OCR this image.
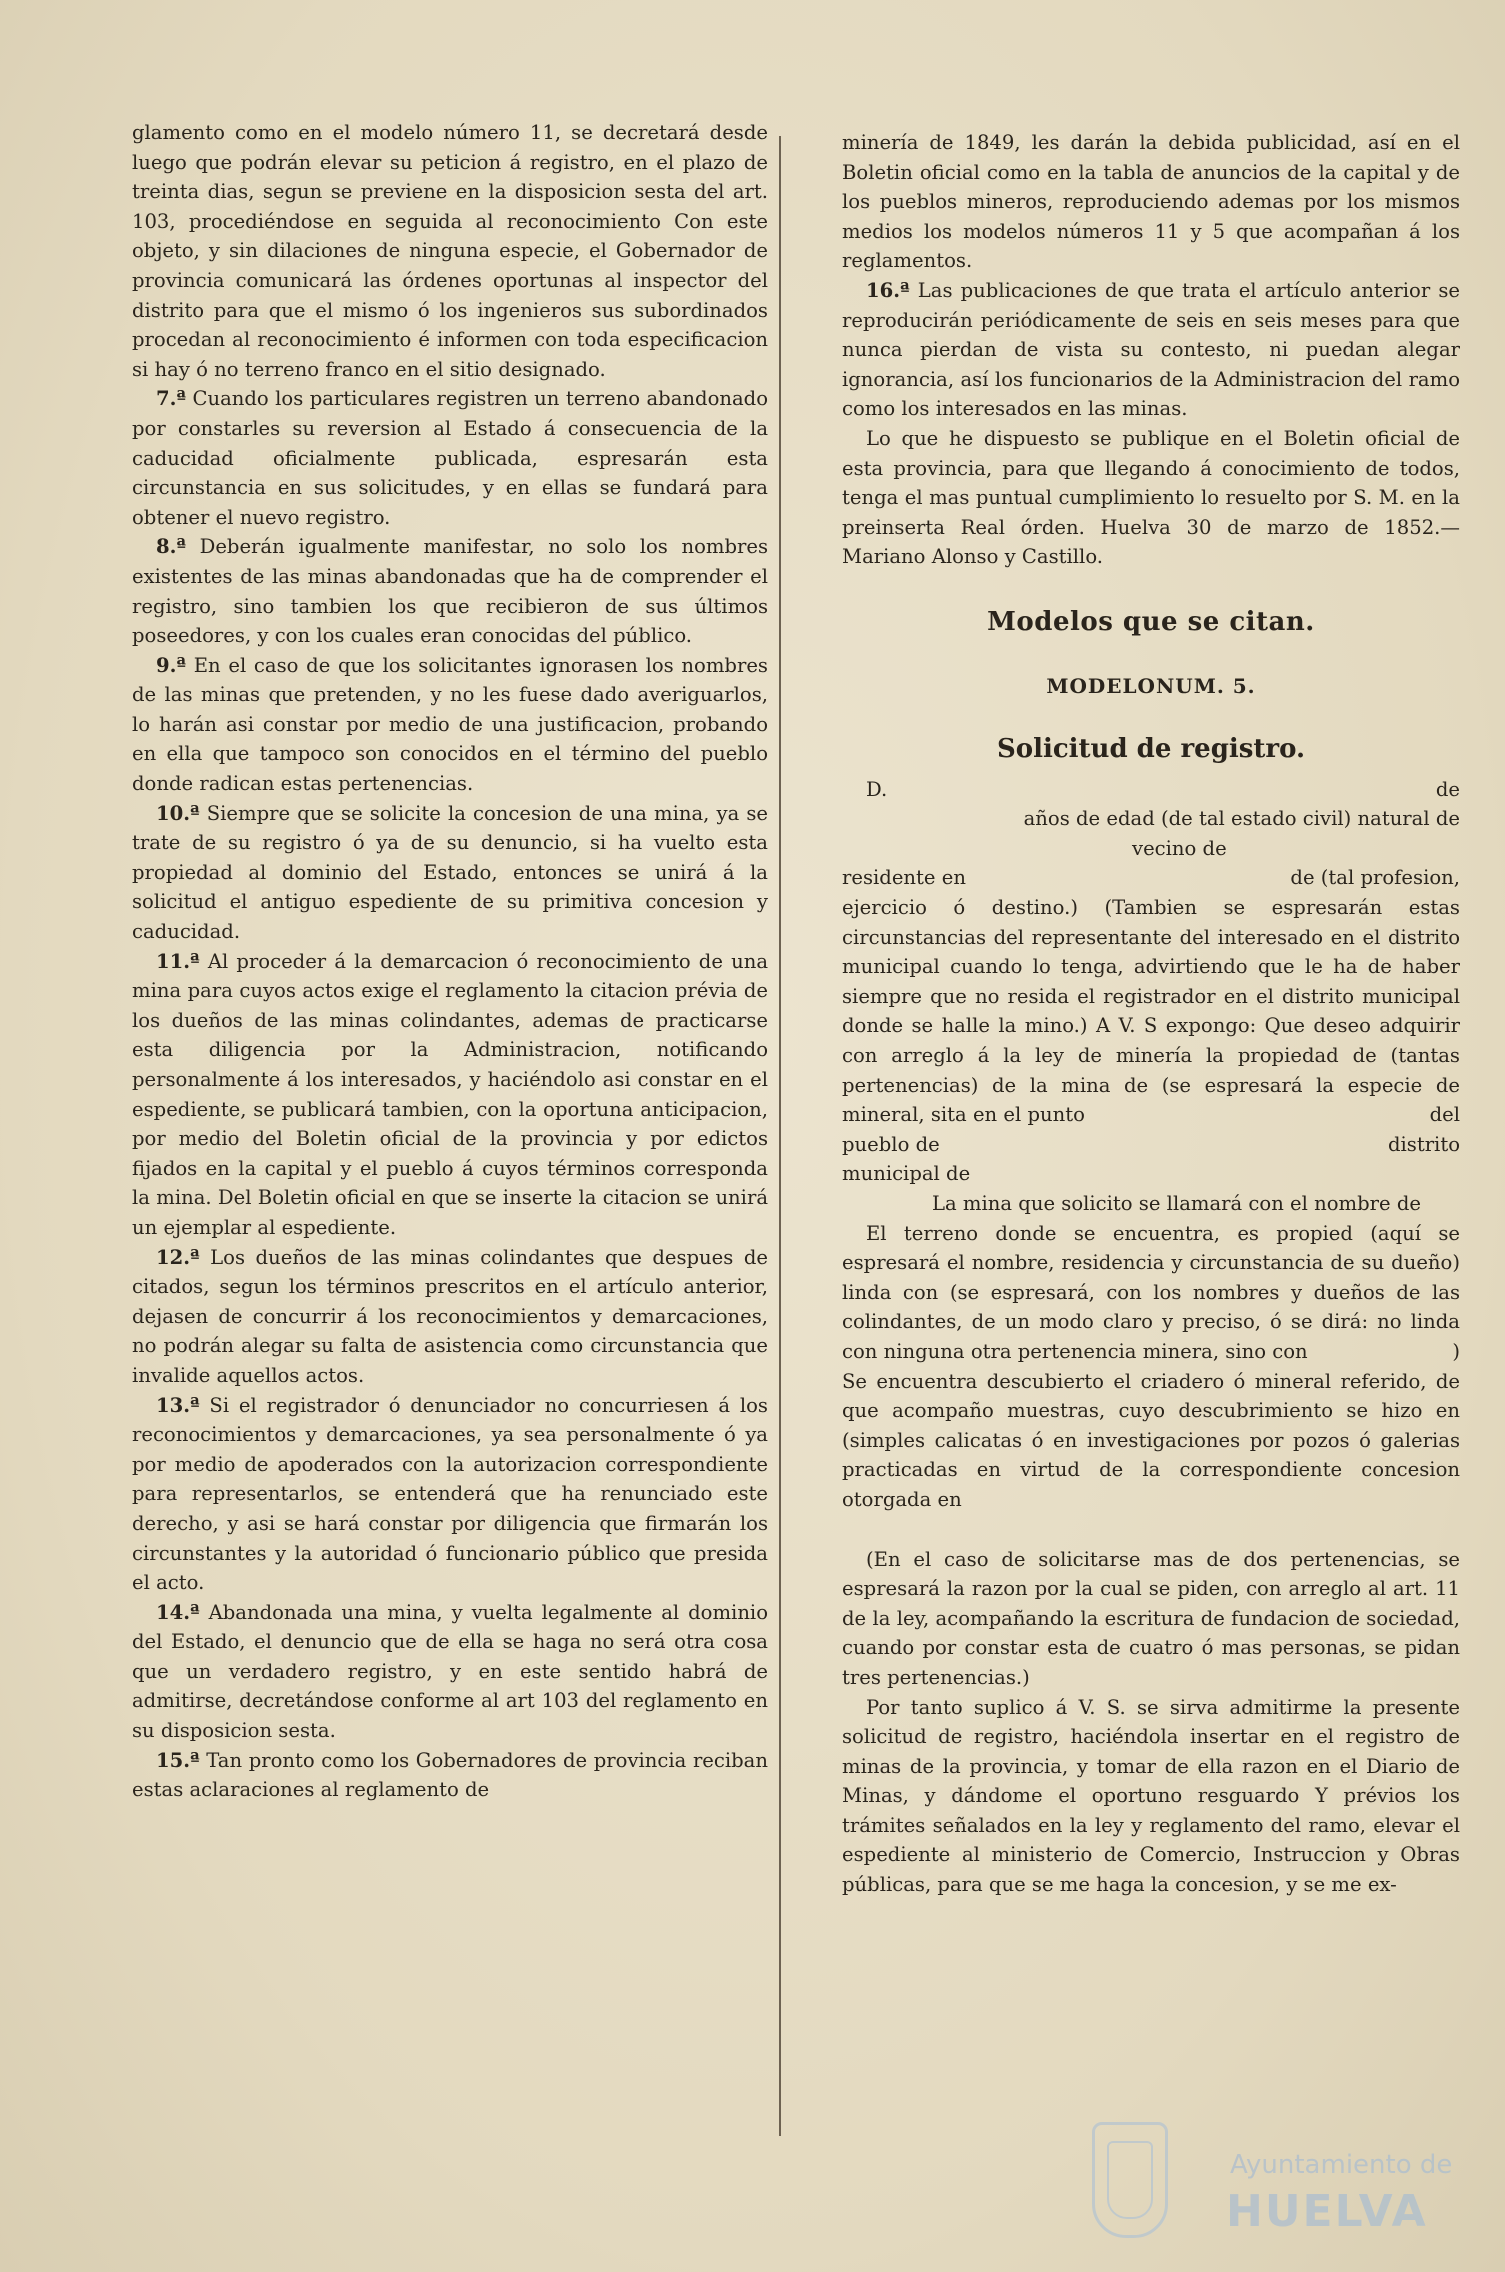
glamento como en el modelo número 11, se decretará desde luego que podrán elevar su peticion á registro, en el plazo de treinta dias, segun se previene en la disposicion sesta del art. 103, procediéndose en seguida al reconocimiento Con este objeto, y sin dilaciones de ninguna especie, el Gobernador de provincia comunicará las órdenes oportunas al inspector del distrito para que el mismo ó los ingenieros sus subordinados procedan al reconocimiento é informen con toda especificacion si hay ó no terreno franco en el sitio designado.

7.ª Cuando los particulares registren un terreno abandonado por constarles su reversion al Estado á consecuencia de la caducidad oficialmente publicada, espresarán esta circunstancia en sus solicitudes, y en ellas se fundará para obtener el nuevo registro.

8.ª Deberán igualmente manifestar, no solo los nombres existentes de las minas abandonadas que ha de comprender el registro, sino tambien los que recibieron de sus últimos poseedores, y con los cuales eran conocidas del público.

9.ª En el caso de que los solicitantes ignorasen los nombres de las minas que pretenden, y no les fuese dado averiguarlos, lo harán asi constar por medio de una justificacion, probando en ella que tampoco son conocidos en el término del pueblo donde radican estas pertenencias.

10.ª Siempre que se solicite la concesion de una mina, ya se trate de su registro ó ya de su denuncio, si ha vuelto esta propiedad al dominio del Estado, entonces se unirá á la solicitud el antiguo espediente de su primitiva concesion y caducidad.

11.ª Al proceder á la demarcacion ó reconocimiento de una mina para cuyos actos exige el reglamento la citacion prévia de los dueños de las minas colindantes, ademas de practicarse esta diligencia por la Administracion, notificando personalmente á los interesados, y haciéndolo asi constar en el espediente, se publicará tambien, con la oportuna anticipacion, por medio del Boletin oficial de la provincia y por edictos fijados en la capital y el pueblo á cuyos términos corresponda la mina. Del Boletin oficial en que se inserte la citacion se unirá un ejemplar al espediente.

12.ª Los dueños de las minas colindantes que despues de citados, segun los términos prescritos en el artículo anterior, dejasen de concurrir á los reconocimientos y demarcaciones, no podrán alegar su falta de asistencia como circunstancia que invalide aquellos actos.

13.ª Si el registrador ó denunciador no concurriesen á los reconocimientos y demarcaciones, ya sea personalmente ó ya por medio de apoderados con la autorizacion correspondiente para representarlos, se entenderá que ha renunciado este derecho, y asi se hará constar por diligencia que firmarán los circunstantes y la autoridad ó funcionario público que presida el acto.

14.ª Abandonada una mina, y vuelta legalmente al dominio del Estado, el denuncio que de ella se haga no será otra cosa que un verdadero registro, y en este sentido habrá de admitirse, decretándose conforme al art 103 del reglamento en su disposicion sesta.

15.ª Tan pronto como los Gobernadores de provincia reciban estas aclaraciones al reglamento de

minería de 1849, les darán la debida publicidad, así en el Boletin oficial como en la tabla de anuncios de la capital y de los pueblos mineros, reproduciendo ademas por los mismos medios los modelos números 11 y 5 que acompañan á los reglamentos.

16.ª Las publicaciones de que trata el artículo anterior se reproducirán periódicamente de seis en seis meses para que nunca pierdan de vista su contesto, ni puedan alegar ignorancia, así los funcionarios de la Administracion del ramo como los interesados en las minas.

Lo que he dispuesto se publique en el Boletin oficial de esta provincia, para que llegando á conocimiento de todos, tenga el mas puntual cumplimiento lo resuelto por S. M. en la preinserta Real órden. Huelva 30 de marzo de 1852.— Mariano Alonso y Castillo.

Modelos que se citan.

MODELONUM. 5.

Solicitud de registro.

D.	de

años de edad (de tal estado civil) natural de

vecino de

residente en	de (tal profesion,

ejercicio ó destino.) (Tambien se espresarán estas circunstancias del representante del interesado en el distrito municipal cuando lo tenga, advirtiendo que le ha de haber siempre que no resida el registrador en el distrito municipal donde se halle la mino.) A V. S expongo: Que deseo adquirir con arreglo á la ley de minería la propiedad de (tantas pertenencias) de la mina de (se espresará la especie de mineral, sita en el punto	del

pueblo de	distrito

municipal de

La mina que solicito se llamará con el nombre de

El terreno donde se encuentra, es propied (aquí se espresará el nombre, residencia y circunstancia de su dueño) linda con (se espresará, con los nombres y dueños de las colindantes, de un modo claro y preciso, ó se dirá: no linda con ninguna otra pertenencia minera, sino con	)

Se encuentra descubierto el criadero ó mineral referido, de que acompaño muestras, cuyo descubrimiento se hizo en (simples calicatas ó en investigaciones por pozos ó galerias practicadas en virtud de la correspondiente concesion otorgada en

(En el caso de solicitarse mas de dos pertenencias, se espresará la razon por la cual se piden, con arreglo al art. 11 de la ley, acompañando la escritura de fundacion de sociedad, cuando por constar esta de cuatro ó mas personas, se pidan tres pertenencias.)

Por tanto suplico á V. S. se sirva admitirme la presente solicitud de registro, haciéndola insertar en el registro de minas de la provincia, y tomar de ella razon en el Diario de Minas, y dándome el oportuno resguardo Y prévios los trámites señalados en la ley y reglamento del ramo, elevar el espediente al ministerio de Comercio, Instruccion y Obras públicas, para que se me haga la concesion, y se me ex-

Ayuntamiento de
HUELVA
